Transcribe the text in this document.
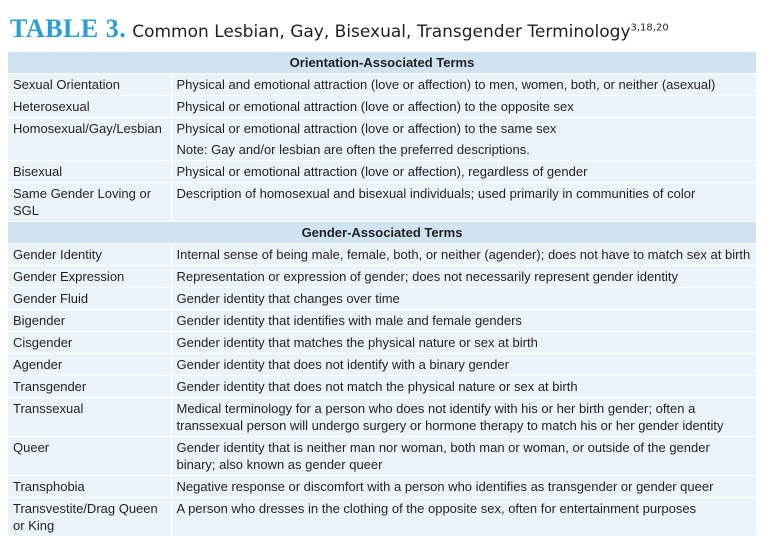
TABLE 3. Common Lesbian, Gay, Bisexual, Transgender Terminology$^{3,18,20}$
Orientation-Associated Terms	

Sexual Orientation	Physical and emotional attraction (love or affection) to men, women, both, or neither (asexual)

Heterosexual	Physical or emotional attraction (love or affection) to the opposite sex

Homosexual/Gay/Lesbian	Physical or emotional attraction (love or affection) to the same sex
Note: Gay and/or lesbian are often the preferred descriptions.

Bisexual	Physical or emotional attraction (love or affection), regardless of gender

Same Gender Loving or SGL	Description of homosexual and bisexual individuals; used primarily in communities of color

Gender-Associated Terms	

Gender Identity	Internal sense of being male, female, both, or neither (agender); does not have to match sex at birth

Gender Expression	Representation or expression of gender; does not necessarily represent gender identity

Gender Fluid	Gender identity that changes over time

Bigender	Gender identity that identifies with male and female genders

Cisgender	Gender identity that matches the physical nature or sex at birth

Agender	Gender identity that does not identify with a binary gender

Transgender	Gender identity that does not match the physical nature or sex at birth

Transsexual	Medical terminology for a person who does not identify with his or her birth gender; often a transsexual person will undergo surgery or hormone therapy to match his or her gender identity

Queer	Gender identity that is neither man nor woman, both man or woman, or outside of the gender binary; also known as gender queer

Transphobia	Negative response or discomfort with a person who identifies as transgender or gender queer

Transvestite/Drag Queen or King	A person who dresses in the clothing of the opposite sex, often for entertainment purposes
